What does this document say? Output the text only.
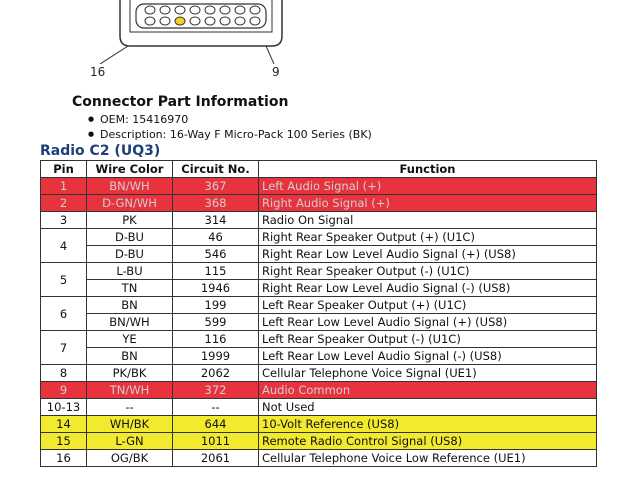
16	9
Connector Part Information
● OEM: 15416970
● Description: 16-Way F Micro-Pack 100 Series (BK)
Radio C2 (UQ3)
Pin	Wire Color	Circuit No.	Function
1	BN/WH	367	Left Audio Signal (+)
2	D-GN/WH	368	Right Audio Signal (+)
3	PK	314	Radio On Signal
4	D-BU	46	Right Rear Speaker Output (+) (U1C)
	D-BU	546	Right Rear Low Level Audio Signal (+) (US8)
5	L-BU	115	Right Rear Speaker Output (-) (U1C)
	TN	1946	Right Rear Low Level Audio Signal (-) (US8)
6	BN	199	Left Rear Speaker Output (+) (U1C)
	BN/WH	599	Left Rear Low Level Audio Signal (+) (US8)
7	YE	116	Left Rear Speaker Output (-) (U1C)
	BN	1999	Left Rear Low Level Audio Signal (-) (US8)
8	PK/BK	2062	Cellular Telephone Voice Signal (UE1)
9	TN/WH	372	Audio Common
10-13	--	--	Not Used
14	WH/BK	644	10-Volt Reference (US8)
15	L-GN	1011	Remote Radio Control Signal (US8)
16	OG/BK	2061	Cellular Telephone Voice Low Reference (UE1)
